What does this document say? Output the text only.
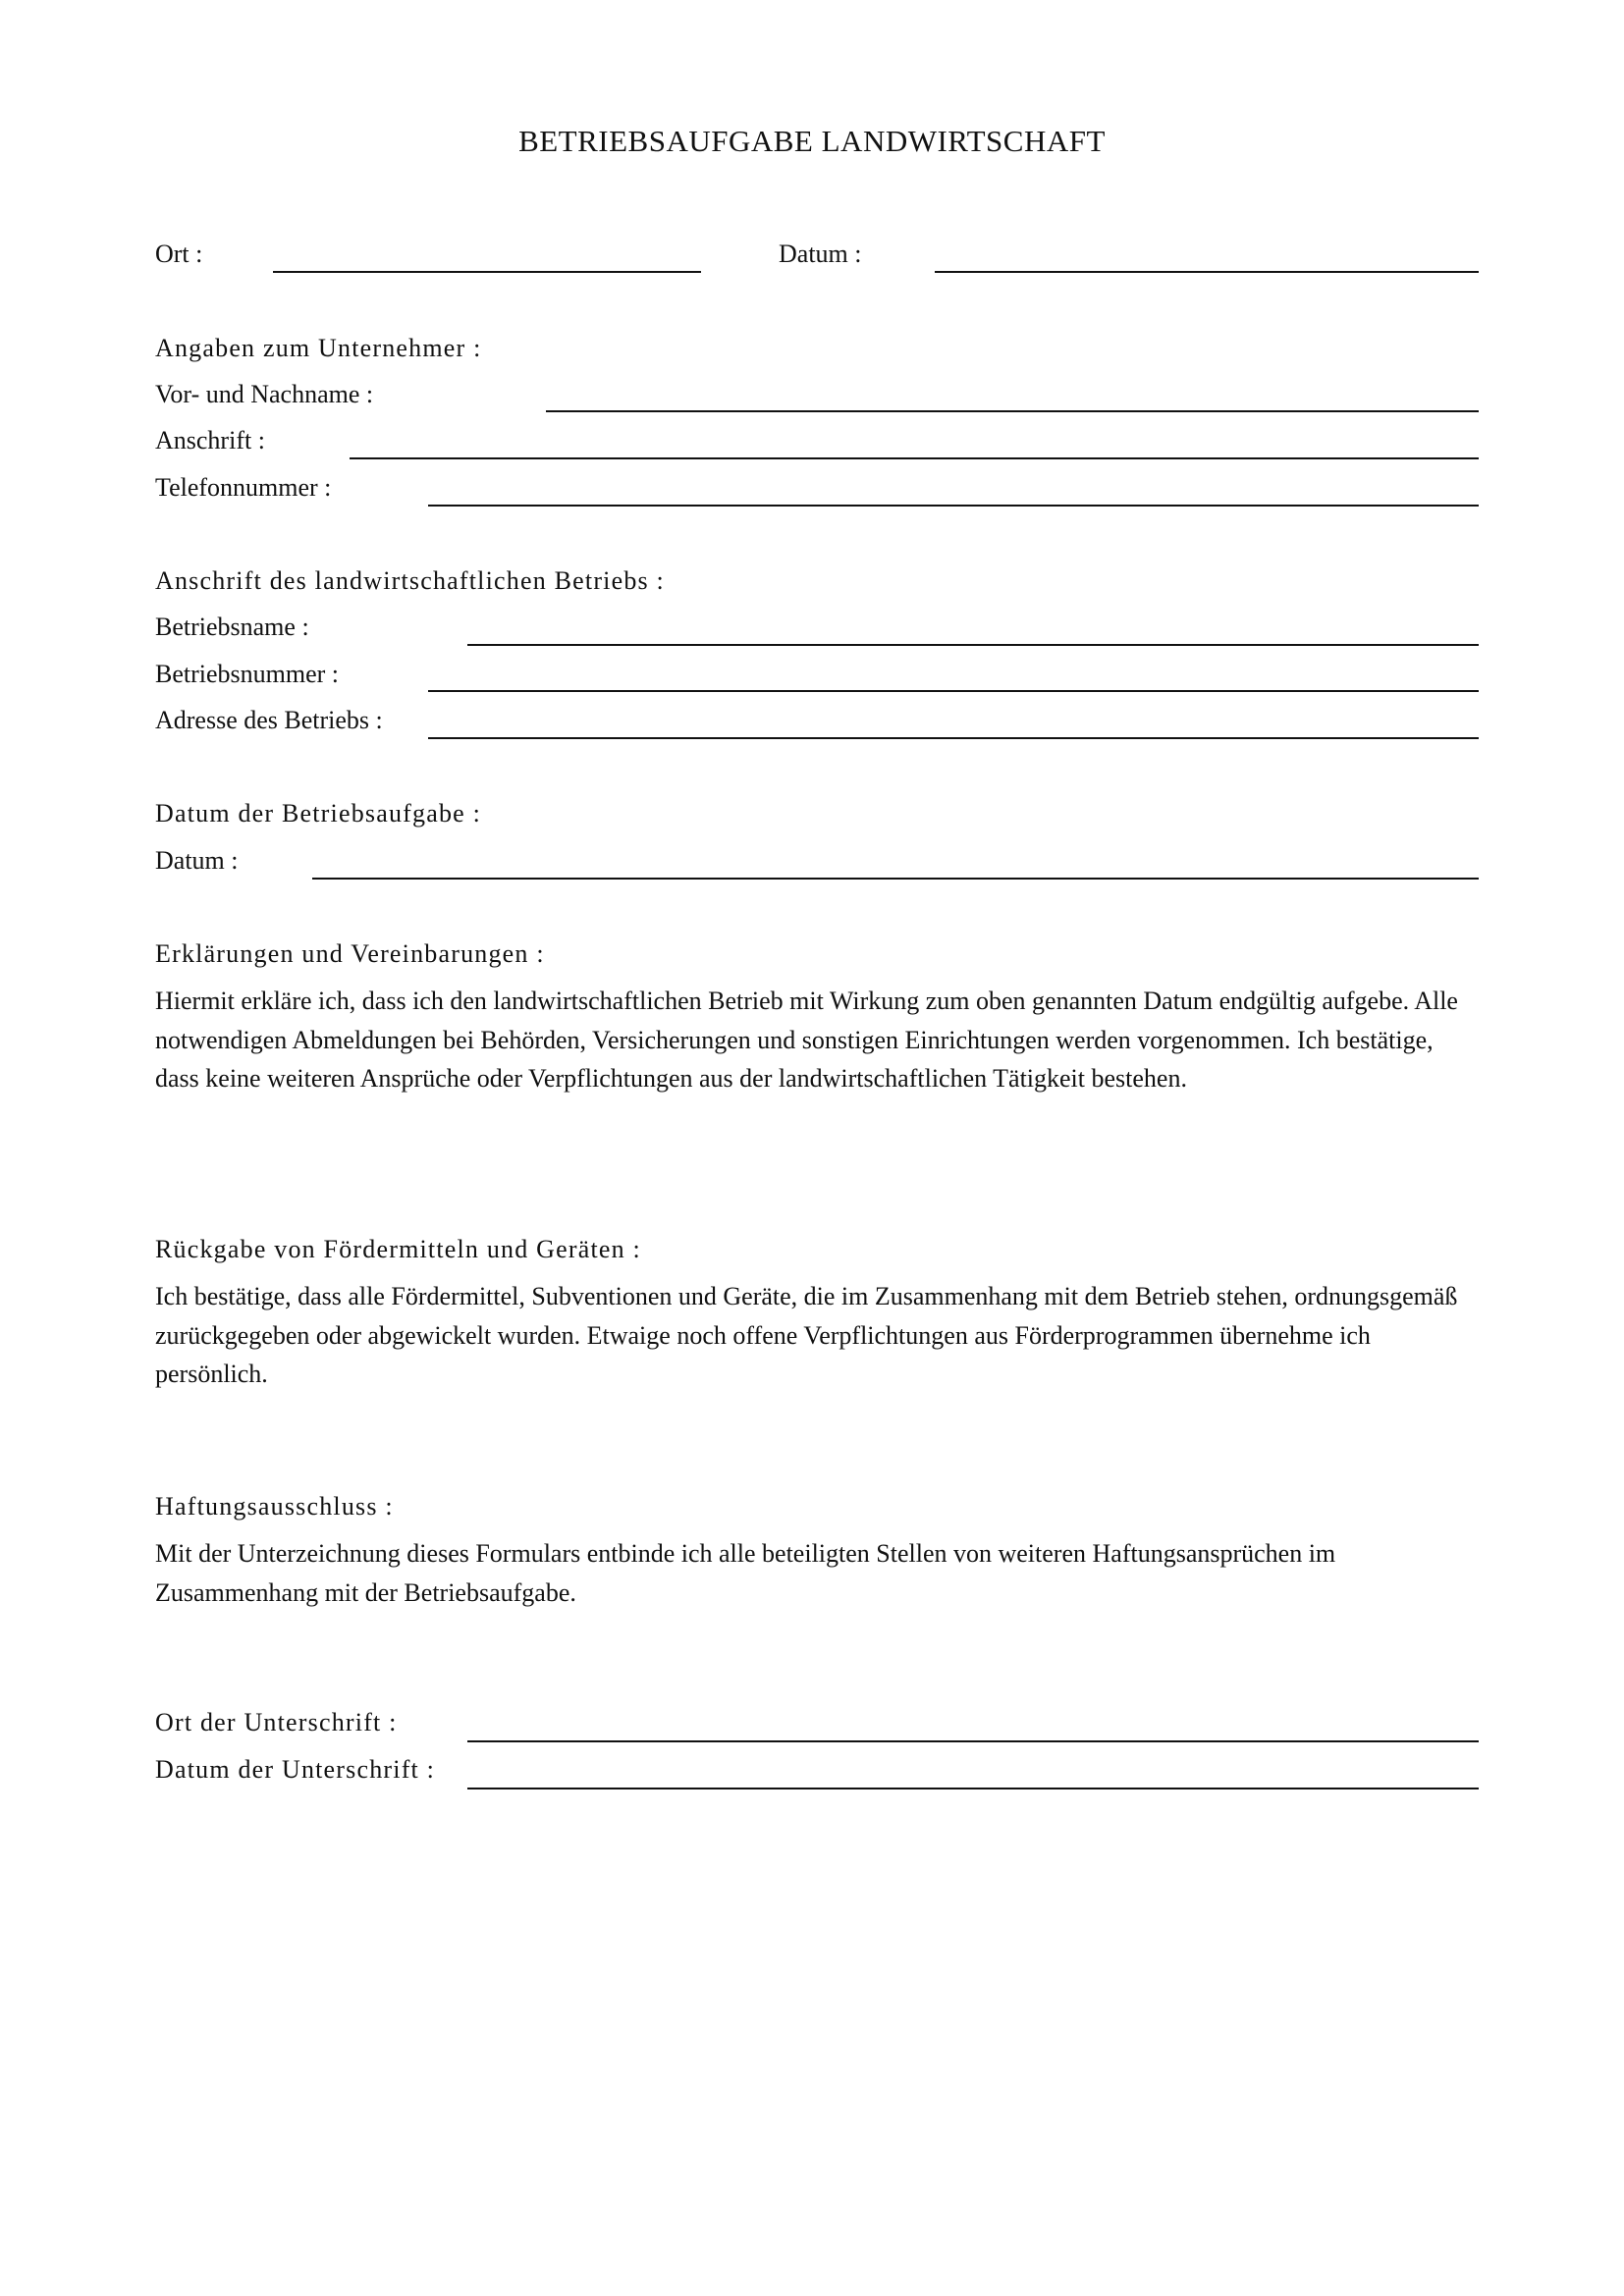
BETRIEBSAUFGABE LANDWIRTSCHAFT
Ort :	Datum :
Angaben zum Unternehmer :
Vor- und Nachname :
Anschrift :
Telefonnummer :
Anschrift des landwirtschaftlichen Betriebs :
Betriebsname :
Betriebsnummer :
Adresse des Betriebs :
Datum der Betriebsaufgabe :
Datum :
Erklärungen und Vereinbarungen :
Hiermit erkläre ich, dass ich den landwirtschaftlichen Betrieb mit Wirkung zum oben genannten Datum endgültig aufgebe. Alle notwendigen Abmeldungen bei Behörden, Versicherungen und sonstigen Einrichtungen werden vorgenommen. Ich bestätige, dass keine weiteren Ansprüche oder Verpflichtungen aus der landwirtschaftlichen Tätigkeit bestehen.
Rückgabe von Fördermitteln und Geräten :
Ich bestätige, dass alle Fördermittel, Subventionen und Geräte, die im Zusammenhang mit dem Betrieb stehen, ordnungsgemäß zurückgegeben oder abgewickelt wurden. Etwaige noch offene Verpflichtungen aus Förderprogrammen übernehme ich persönlich.
Haftungsausschluss :
Mit der Unterzeichnung dieses Formulars entbinde ich alle beteiligten Stellen von weiteren Haftungsansprüchen im Zusammenhang mit der Betriebsaufgabe.
Ort der Unterschrift :
Datum der Unterschrift :
